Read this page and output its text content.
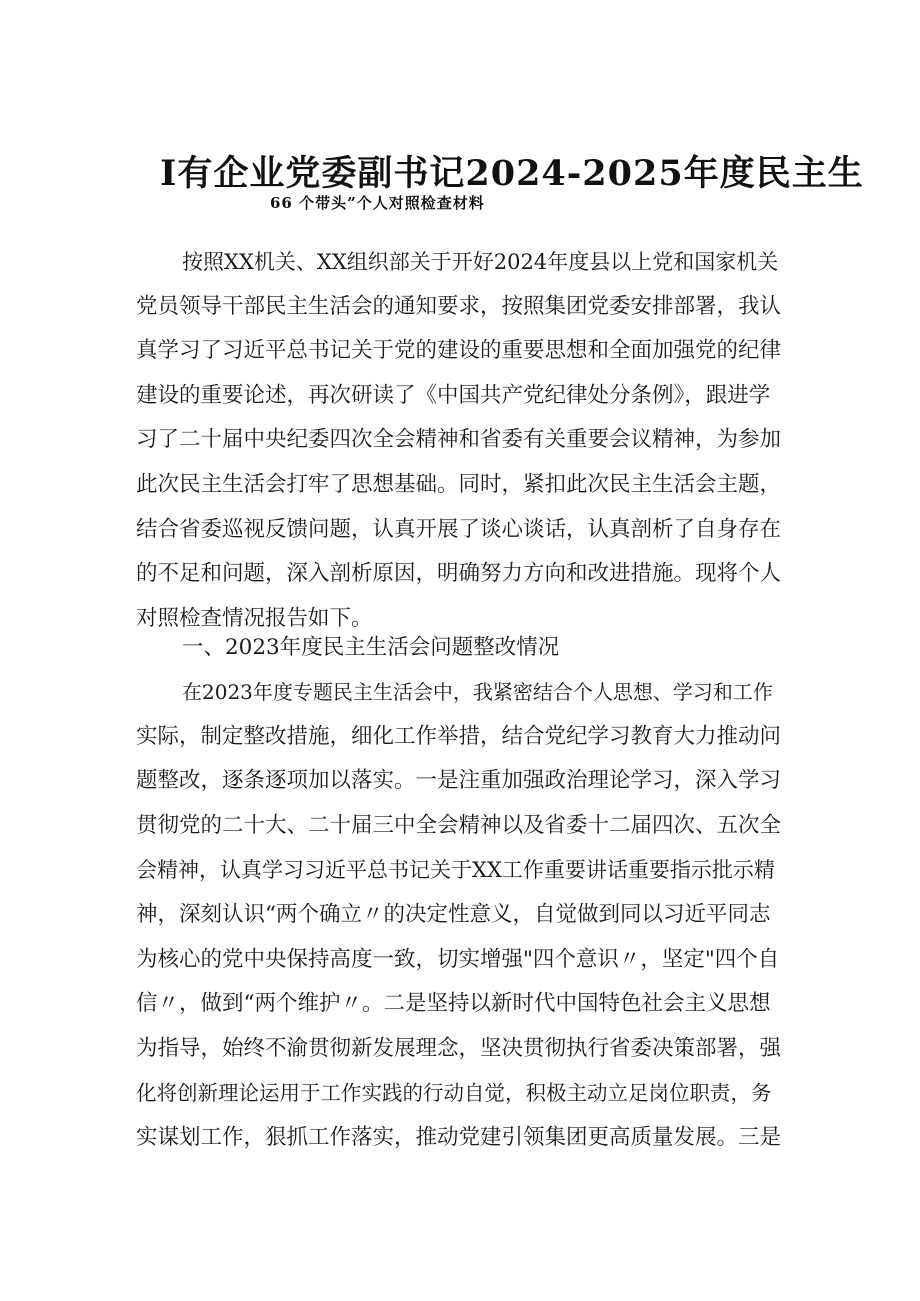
I有企业党委副书记2024-2025年度民主生
66 个带头”个人对照检查材料
按照XX机关、XX组织部关于开好2024年度县以上党和国家机关
党员领导干部民主生活会的通知要求，按照集团党委安排部署，我认
真学习了习近平总书记关于党的建设的重要思想和全面加强党的纪律
建设的重要论述，再次研读了《中国共产党纪律处分条例》，跟进学
习了二十届中央纪委四次全会精神和省委有关重要会议精神，为参加
此次民主生活会打牢了思想基础。同时，紧扣此次民主生活会主题，
结合省委巡视反馈问题，认真开展了谈心谈话，认真剖析了自身存在
的不足和问题，深入剖析原因，明确努力方向和改进措施。现将个人
对照检查情况报告如下。
一、2023年度民主生活会问题整改情况
在2023年度专题民主生活会中，我紧密结合个人思想、学习和工作
实际，制定整改措施，细化工作举措，结合党纪学习教育大力推动问
题整改，逐条逐项加以落实。一是注重加强政治理论学习，深入学习
贯彻党的二十大、二十届三中全会精神以及省委十二届四次、五次全
会精神，认真学习习近平总书记关于XX工作重要讲话重要指示批示精
神，深刻认识“两个确立〃的决定性意义，自觉做到同以习近平同志
为核心的党中央保持高度一致，切实增强"四个意识〃，坚定"四个自
信〃，做到“两个维护〃。二是坚持以新时代中国特色社会主义思想
为指导，始终不渝贯彻新发展理念，坚决贯彻执行省委决策部署，强
化将创新理论运用于工作实践的行动自觉，积极主动立足岗位职责，务
实谋划工作，狠抓工作落实，推动党建引领集团更高质量发展。三是
